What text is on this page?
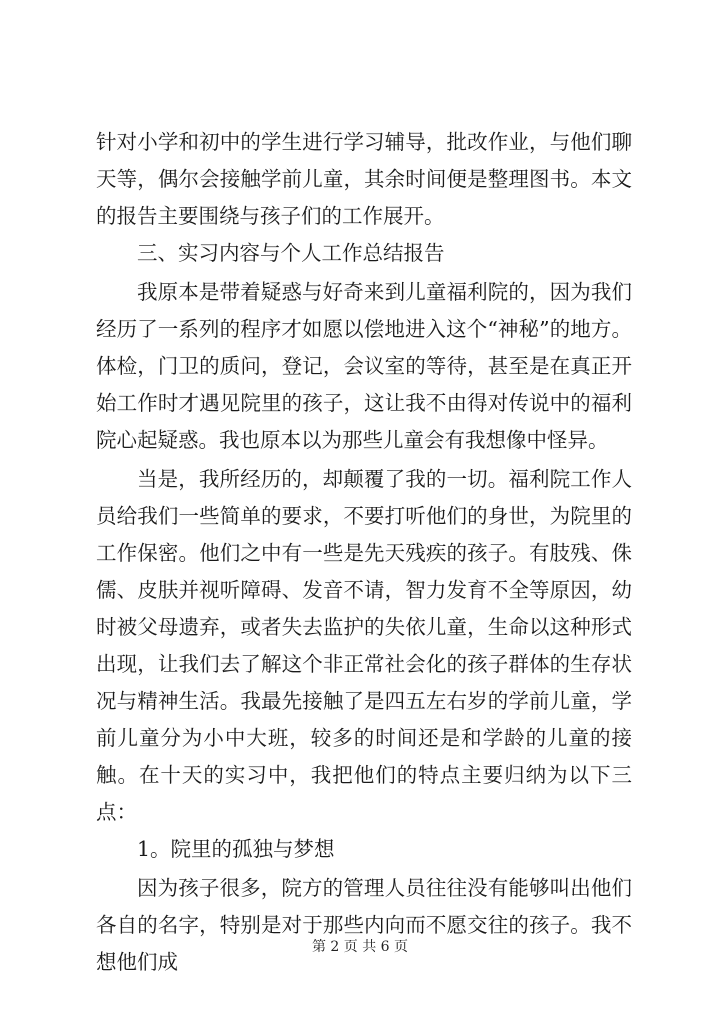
针对小学和初中的学生进行学习辅导，批改作业，与他们聊天等，偶尔会接触学前儿童，其余时间便是整理图书。本文的报告主要围绕与孩子们的工作展开。

三、实习内容与个人工作总结报告

我原本是带着疑惑与好奇来到儿童福利院的，因为我们经历了一系列的程序才如愿以偿地进入这个“神秘”的地方。体检，门卫的质问，登记，会议室的等待，甚至是在真正开始工作时才遇见院里的孩子，这让我不由得对传说中的福利院心起疑惑。我也原本以为那些儿童会有我想像中怪异。

当是，我所经历的，却颠覆了我的一切。福利院工作人员给我们一些简单的要求，不要打听他们的身世，为院里的工作保密。他们之中有一些是先天残疾的孩子。有肢残、侏儒、皮肤并视听障碍、发音不请，智力发育不全等原因，幼时被父母遗弃，或者失去监护的失依儿童，生命以这种形式出现，让我们去了解这个非正常社会化的孩子群体的生存状况与精神生活。我最先接触了是四五左右岁的学前儿童，学前儿童分为小中大班，较多的时间还是和学龄的儿童的接触。在十天的实习中，我把他们的特点主要归纳为以下三点：

1。院里的孤独与梦想

因为孩子很多，院方的管理人员往往没有能够叫出他们各自的名字，特别是对于那些内向而不愿交往的孩子。我不想他们成

第 2 页 共 6 页
